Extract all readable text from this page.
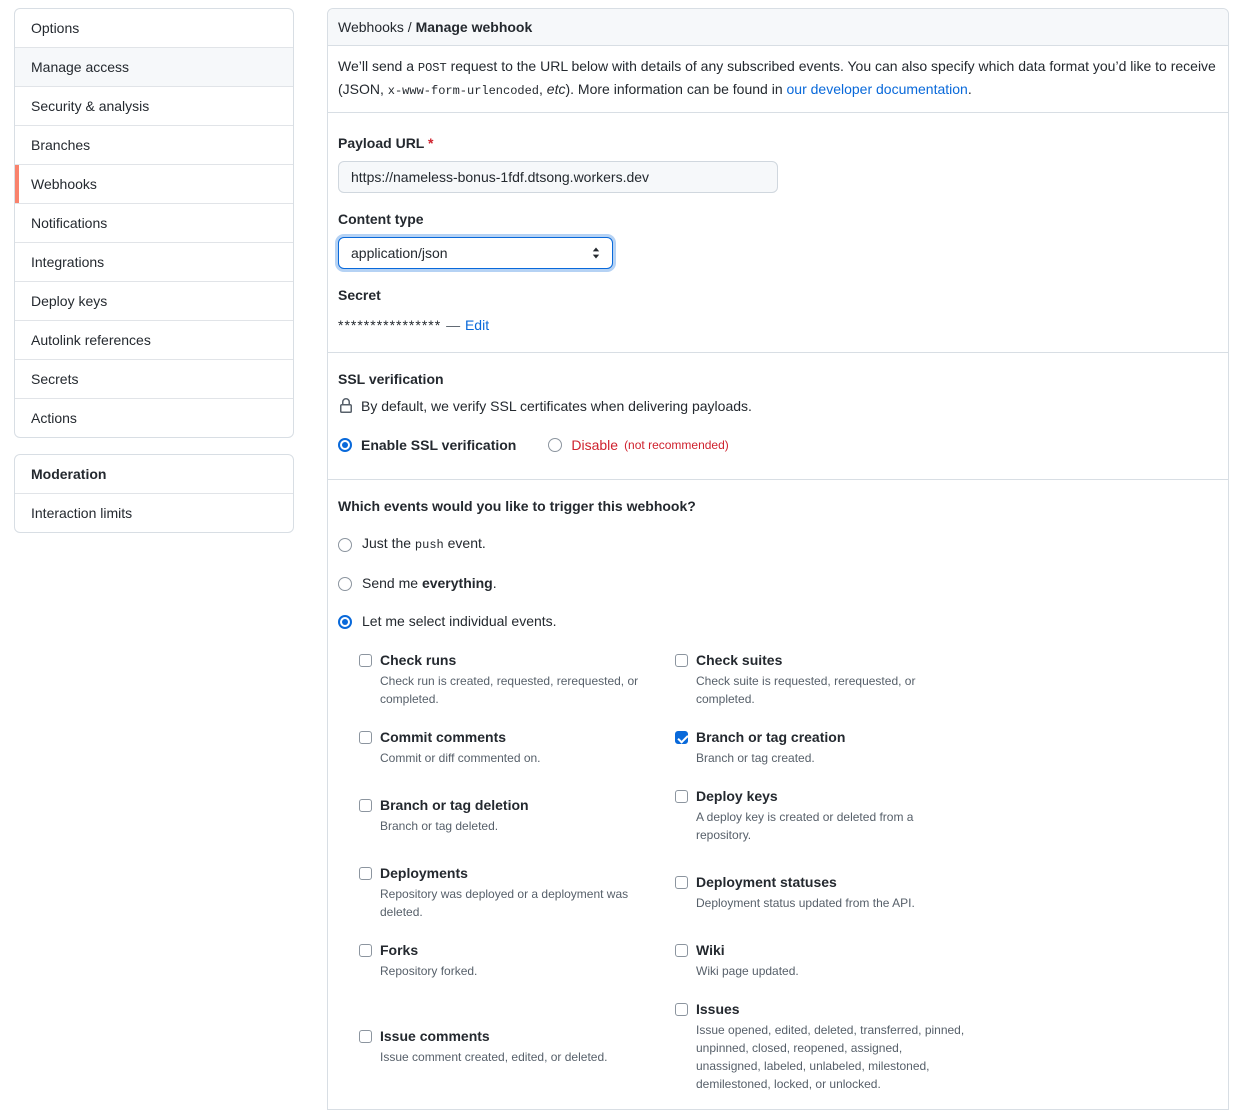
Options
Manage access
Security & analysis
Branches
Webhooks
Notifications
Integrations
Deploy keys
Autolink references
Secrets
Actions
Moderation
Interaction limits
Webhooks / Manage webhook
We’ll send a POST request to the URL below with details of any subscribed events. You can also specify which data format you’d like to receive (JSON, x-www-form-urlencoded, etc). More information can be found in our developer documentation.
Payload URL *
https://nameless-bonus-1fdf.dtsong.workers.dev
Content type
application/json
Secret
**************** — Edit
SSL verification
By default, we verify SSL certificates when delivering payloads.
Enable SSL verification	Disable (not recommended)
Which events would you like to trigger this webhook?
Just the push event.
Send me everything.
Let me select individual events.
Check runs
Check run is created, requested, rerequested, or completed.
Check suites
Check suite is requested, rerequested, or completed.
Commit comments
Commit or diff commented on.
Branch or tag creation
Branch or tag created.
Branch or tag deletion
Branch or tag deleted.
Deploy keys
A deploy key is created or deleted from a repository.
Deployments
Repository was deployed or a deployment was deleted.
Deployment statuses
Deployment status updated from the API.
Forks
Repository forked.
Wiki
Wiki page updated.
Issue comments
Issue comment created, edited, or deleted.
Issues
Issue opened, edited, deleted, transferred, pinned, unpinned, closed, reopened, assigned, unassigned, labeled, unlabeled, milestoned, demilestoned, locked, or unlocked.
